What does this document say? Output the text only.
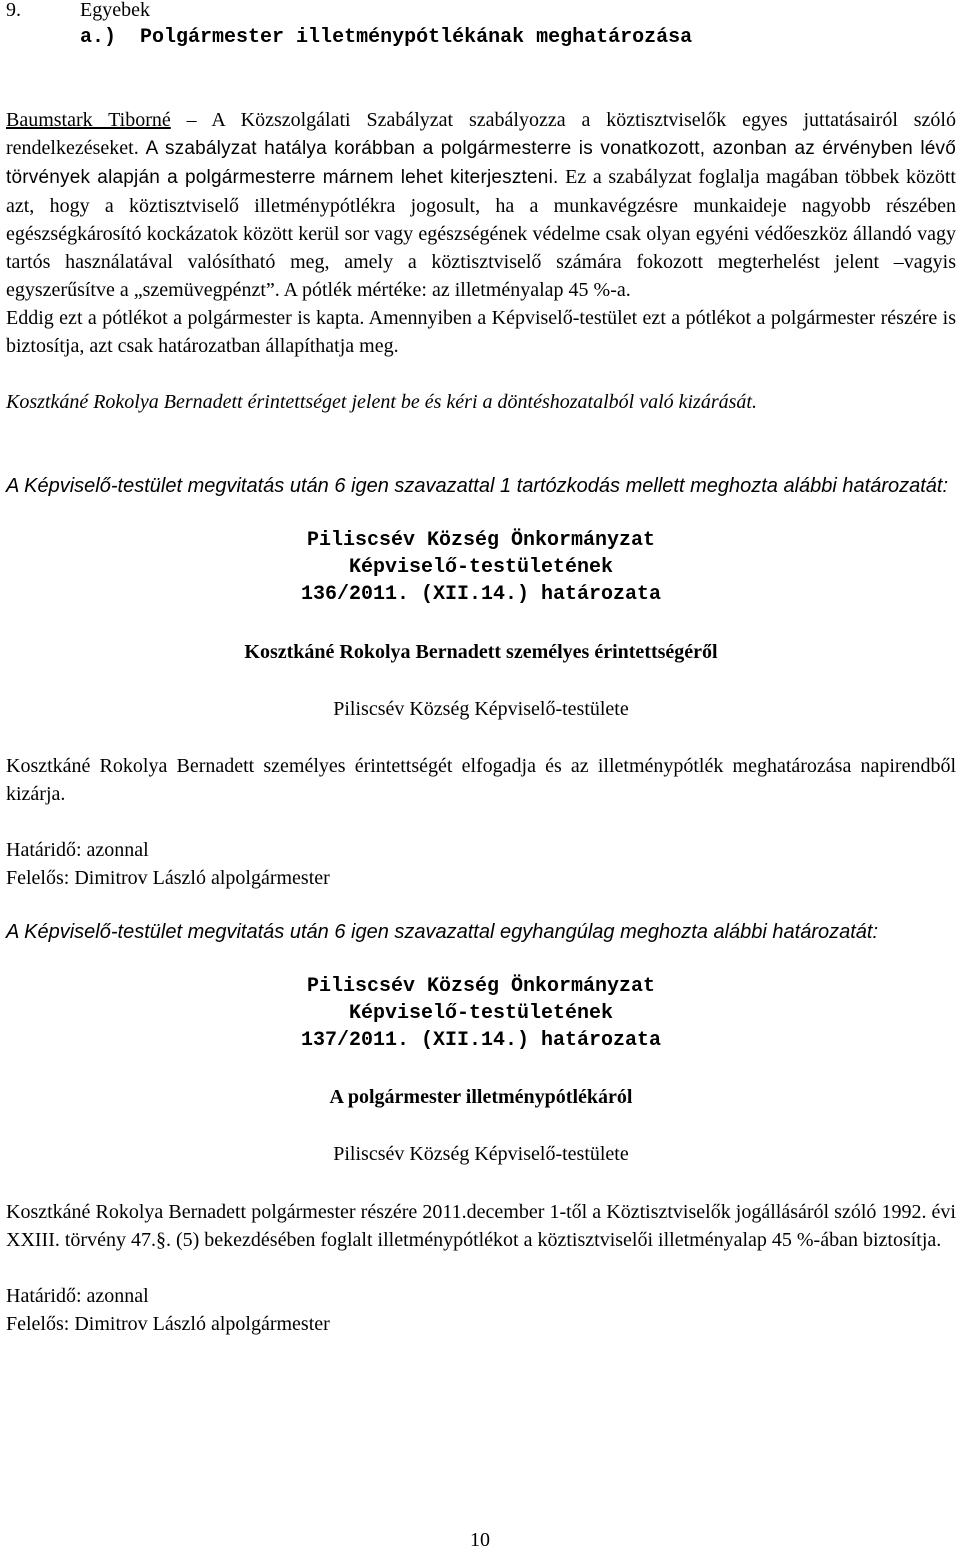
9.	Egyebek
a.) Polgármester illetménypótlékának meghatározása

Baumstark Tiborné – A Közszolgálati Szabályzat szabályozza a köztisztviselők egyes juttatásairól szóló rendelkezéseket. A szabályzat hatálya korábban a polgármesterre is vonatkozott, azonban az érvényben lévő törvények alapján a polgármesterre márnem lehet kiterjeszteni. Ez a szabályzat foglalja magában többek között azt, hogy a köztisztviselő illetménypótlékra jogosult, ha a munkavégzésre munkaideje nagyobb részében egészségkárosító kockázatok között kerül sor vagy egészségének védelme csak olyan egyéni védőeszköz állandó vagy tartós használatával valósítható meg, amely a köztisztviselő számára fokozott megterhelést jelent –vagyis egyszerűsítve a „szemüvegpénzt”. A pótlék mértéke: az illetményalap 45 %-a.

Eddig ezt a pótlékot a polgármester is kapta. Amennyiben a Képviselő-testület ezt a pótlékot a polgármester részére is biztosítja, azt csak határozatban állapíthatja meg.

Kosztkáné Rokolya Bernadett érintettséget jelent be és kéri a döntéshozatalból való kizárását.

A Képviselő-testület megvitatás után 6 igen szavazattal 1 tartózkodás mellett meghozta alábbi határozatát:

Piliscsév Község Önkormányzat
Képviselő-testületének
136/2011. (XII.14.) határozata
Kosztkáné Rokolya Bernadett személyes érintettségéről
Piliscsév Község Képviselő-testülete

Kosztkáné Rokolya Bernadett személyes érintettségét elfogadja és az illetménypótlék meghatározása napirendből kizárja.

Határidő: azonnal
Felelős: Dimitrov László alpolgármester

A Képviselő-testület megvitatás után 6 igen szavazattal egyhangúlag meghozta alábbi határozatát:

Piliscsév Község Önkormányzat
Képviselő-testületének
137/2011. (XII.14.) határozata
A polgármester illetménypótlékáról
Piliscsév Község Képviselő-testülete

Kosztkáné Rokolya Bernadett polgármester részére 2011.december 1-től a Köztisztviselők jogállásáról szóló 1992. évi XXIII. törvény 47.§. (5) bekezdésében foglalt illetménypótlékot a köztisztviselői illetményalap 45 %-ában biztosítja.

Határidő: azonnal
Felelős: Dimitrov László alpolgármester
10
